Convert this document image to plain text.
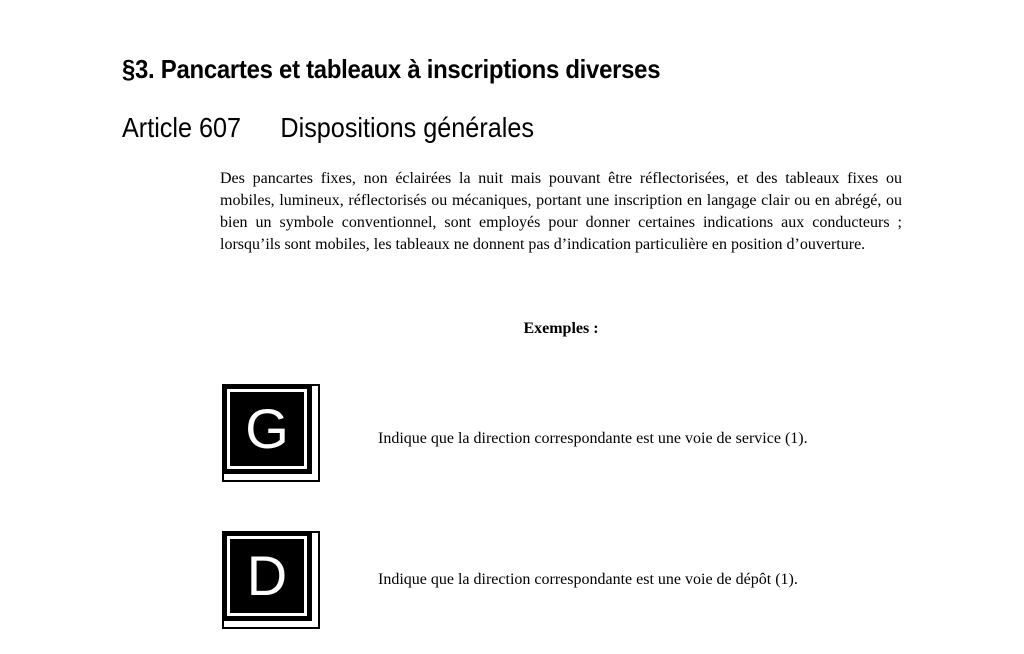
§3. Pancartes et tableaux à inscriptions diverses
Article 607 Dispositions générales

Des pancartes fixes, non éclairées la nuit mais pouvant être réflectorisées, et des tableaux fixes ou mobiles, lumineux, réflectorisés ou mécaniques, portant une inscription en langage clair ou en abrégé, ou bien un symbole conventionnel, sont employés pour donner certaines indications aux conducteurs ; lorsqu’ils sont mobiles, les tableaux ne donnent pas d’indication particulière en position d’ouverture.

Exemples :

G	Indique que la direction correspondante est une voie de service (1).

D	Indique que la direction correspondante est une voie de dépôt (1).
